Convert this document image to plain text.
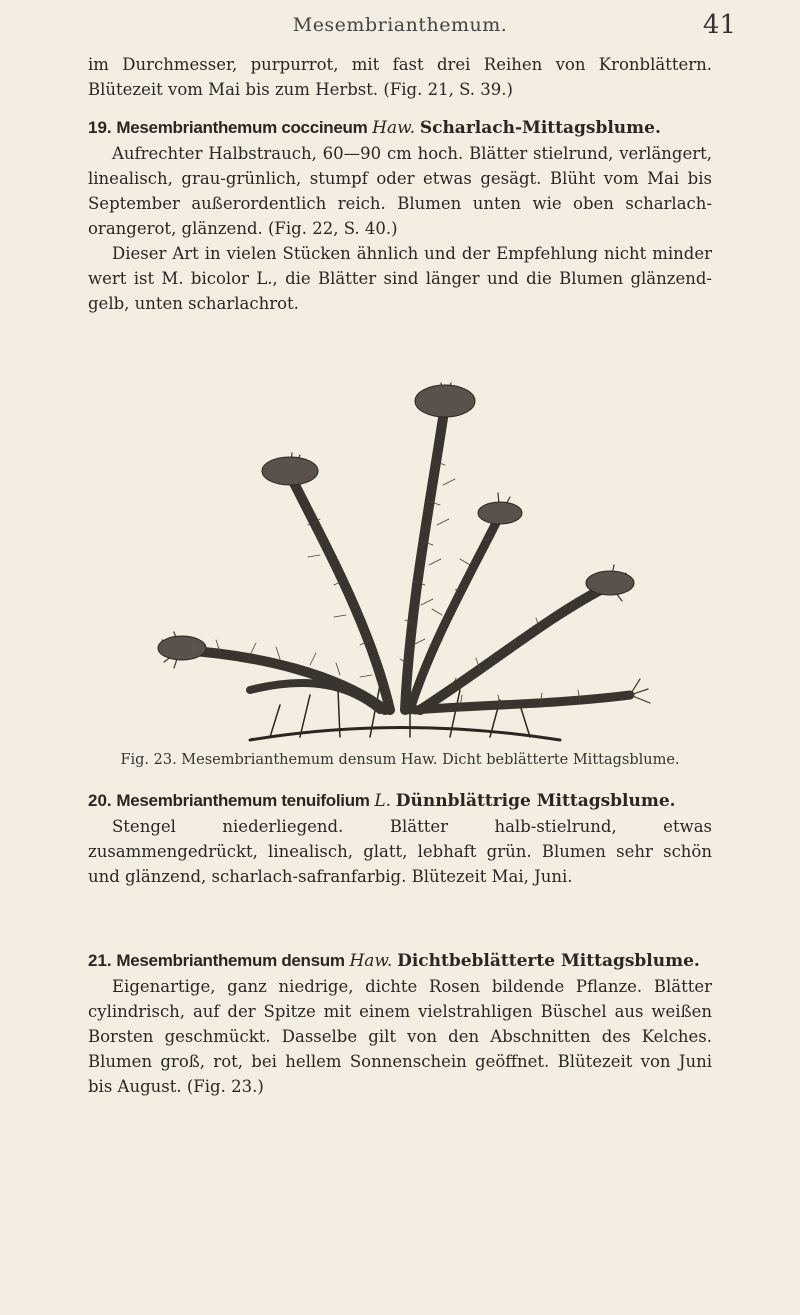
Mesembrianthemum.	41

im Durchmesser, purpurrot, mit fast drei Reihen von Kronblättern. Blütezeit vom Mai bis zum Herbst. (Fig. 21, S. 39.)

19. Mesembrianthemum coccineum Haw. Scharlach-Mittagsblume.

Aufrechter Halbstrauch, 60—90 cm hoch. Blätter stielrund, verlängert, linealisch, grau-grünlich, stumpf oder etwas gesägt. Blüht vom Mai bis September außerordentlich reich. Blumen unten wie oben scharlach-orangerot, glänzend. (Fig. 22, S. 40.)

Dieser Art in vielen Stücken ähnlich und der Empfehlung nicht minder wert ist M. bicolor L., die Blätter sind länger und die Blumen glänzend-gelb, unten scharlachrot.

Fig. 23. Mesembrianthemum densum Haw. Dicht beblätterte Mittagsblume.

20. Mesembrianthemum tenuifolium L. Dünnblättrige Mittagsblume.

Stengel niederliegend. Blätter halb-stielrund, etwas zusammengedrückt, linealisch, glatt, lebhaft grün. Blumen sehr schön und glänzend, scharlach-safranfarbig. Blütezeit Mai, Juni.

21. Mesembrianthemum densum Haw. Dichtbeblätterte Mittagsblume.

Eigenartige, ganz niedrige, dichte Rosen bildende Pflanze. Blätter cylindrisch, auf der Spitze mit einem vielstrahligen Büschel aus weißen Borsten geschmückt. Dasselbe gilt von den Abschnitten des Kelches. Blumen groß, rot, bei hellem Sonnenschein geöffnet. Blütezeit von Juni bis August. (Fig. 23.)
